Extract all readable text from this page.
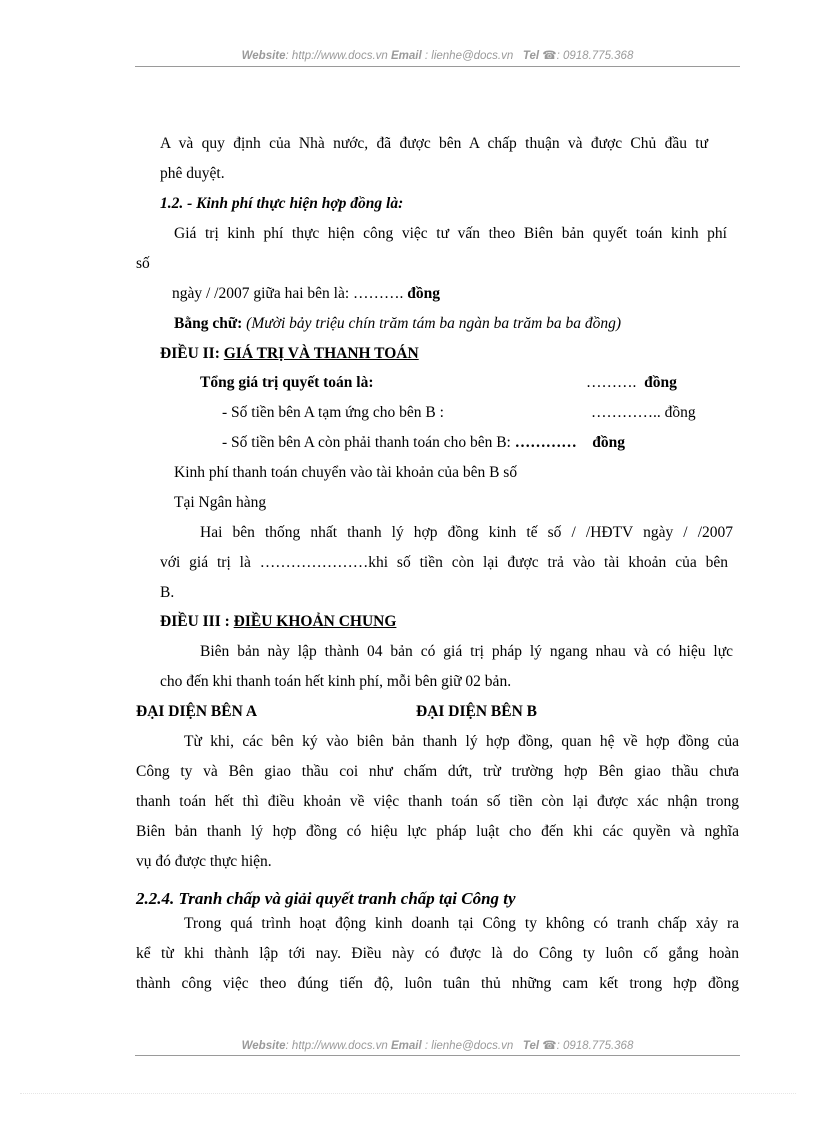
Website: http://www.docs.vn Email : lienhe@docs.vn Tel ☎: 0918.775.368
A và quy định của Nhà nước, đã được bên A chấp thuận và được Chủ đầu tư
phê duyệt.
1.2. - Kinh phí thực hiện hợp đồng là:
Giá trị kinh phí thực hiện công việc tư vấn theo Biên bản quyết toán kinh phí
số
ngày / /2007 giữa hai bên là: ………. đồng
Bằng chữ: (Mười bảy triệu chín trăm tám ba ngàn ba trăm ba ba đồng)
ĐIỀU II: GIÁ TRỊ VÀ THANH TOÁN
Tổng giá trị quyết toán là:	……….  đồng
- Số tiền bên A tạm ứng cho bên B :	………….. đồng
- Số tiền bên A còn phải thanh toán cho bên B: …………    đồng
Kinh phí thanh toán chuyển vào tài khoản của bên B số
Tại Ngân hàng
Hai bên thống nhất thanh lý hợp đồng kinh tế số / /HĐTV ngày / /2007
với giá trị là …………………khi số tiền còn lại được trả vào tài khoản của bên
B.
ĐIỀU III : ĐIỀU KHOẢN CHUNG
Biên bản này lập thành 04 bản có giá trị pháp lý ngang nhau và có hiệu lực
cho đến khi thanh toán hết kinh phí, mỗi bên giữ 02 bản.
ĐẠI DIỆN BÊN A	ĐẠI DIỆN BÊN B
Từ khi, các bên ký vào biên bản thanh lý hợp đồng, quan hệ về hợp đồng của
Công ty và Bên giao thầu coi như chấm dứt, trừ trường hợp Bên giao thầu chưa
thanh toán hết thì điều khoản về việc thanh toán số tiền còn lại được xác nhận trong
Biên bản thanh lý hợp đồng có hiệu lực pháp luật cho đến khi các quyền và nghĩa
vụ đó được thực hiện.
2.2.4. Tranh chấp và giải quyết tranh chấp tại Công ty
Trong quá trình hoạt động kinh doanh tại Công ty không có tranh chấp xảy ra
kể từ khi thành lập tới nay. Điều này có được là do Công ty luôn cố gắng hoàn
thành công việc theo đúng tiến độ, luôn tuân thủ những cam kết trong hợp đồng
Website: http://www.docs.vn Email : lienhe@docs.vn Tel ☎: 0918.775.368
